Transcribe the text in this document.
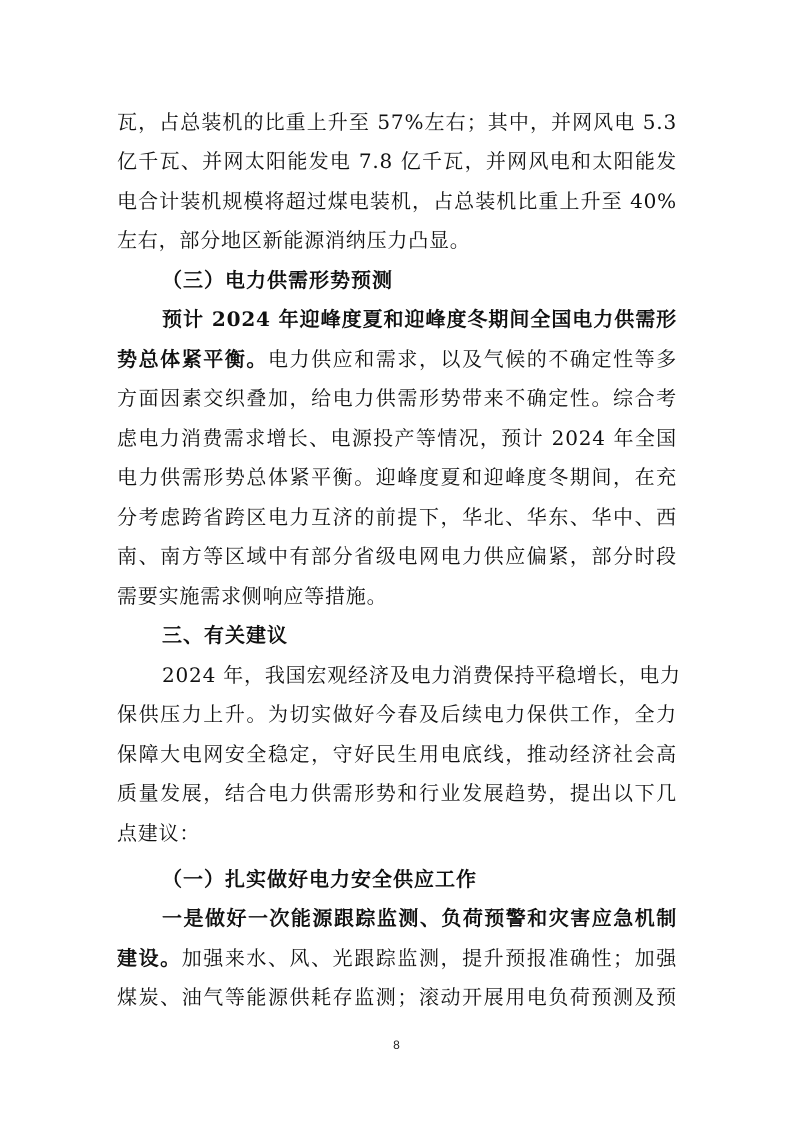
瓦，占总装机的比重上升至 57%左右；其中，并网风电 5.3
亿千瓦、并网太阳能发电 7.8 亿千瓦，并网风电和太阳能发
电合计装机规模将超过煤电装机，占总装机比重上升至 40%
左右，部分地区新能源消纳压力凸显。
（三）电力供需形势预测
预计 2024 年迎峰度夏和迎峰度冬期间全国电力供需形
势总体紧平衡。电力供应和需求，以及气候的不确定性等多
方面因素交织叠加，给电力供需形势带来不确定性。综合考
虑电力消费需求增长、电源投产等情况，预计 2024 年全国
电力供需形势总体紧平衡。迎峰度夏和迎峰度冬期间，在充
分考虑跨省跨区电力互济的前提下，华北、华东、华中、西
南、南方等区域中有部分省级电网电力供应偏紧，部分时段
需要实施需求侧响应等措施。
三、有关建议
2024 年，我国宏观经济及电力消费保持平稳增长，电力
保供压力上升。为切实做好今春及后续电力保供工作，全力
保障大电网安全稳定，守好民生用电底线，推动经济社会高
质量发展，结合电力供需形势和行业发展趋势，提出以下几
点建议：
（一）扎实做好电力安全供应工作
一是做好一次能源跟踪监测、负荷预警和灾害应急机制
建设。加强来水、风、光跟踪监测，提升预报准确性；加强
煤炭、油气等能源供耗存监测；滚动开展用电负荷预测及预
8
